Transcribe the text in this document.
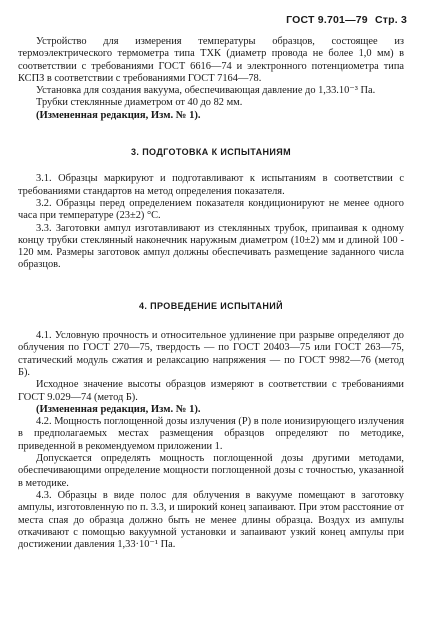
ГОСТ 9.701—79 Стр. 3

Устройство для измерения температуры образцов, состоящее из термоэлектрического термометра типа ТХК (диаметр провода не более 1,0 мм) в соответствии с требованиями ГОСТ 6616—74 и электронного потенциометра типа КСПЗ в соответствии с требованиями ГОСТ 7164—78.

Установка для создания вакуума, обеспечивающая давление до 1,33.10⁻³ Па.

Трубки стеклянные диаметром от 40 до 82 мм.

(Измененная редакция, Изм. № 1).

3. ПОДГОТОВКА К ИСПЫТАНИЯМ

3.1. Образцы маркируют и подготавливают к испытаниям в соответствии с требованиями стандартов на метод определения показателя.

3.2. Образцы перед определением показателя кондиционируют не менее одного часа при температуре (23±2) °С.

3.3. Заготовки ампул изготавливают из стеклянных трубок, припаивая к одному концу трубки стеклянный наконечник наружным диаметром (10±2) мм и длиной 100 - 120 мм. Размеры заготовок ампул должны обеспечивать размещение заданного числа образцов.

4. ПРОВЕДЕНИЕ ИСПЫТАНИЙ

4.1. Условную прочность и относительное удлинение при разрыве определяют до облучения по ГОСТ 270—75, твердость — по ГОСТ 20403—75 или ГОСТ 263—75, статический модуль сжатия и релаксацию напряжения — по ГОСТ 9982—76 (метод Б).

Исходное значение высоты образцов измеряют в соответствии с требованиями ГОСТ 9.029—74 (метод Б).

(Измененная редакция, Изм. № 1).

4.2. Мощность поглощенной дозы излучения (Р) в поле ионизирующего излучения в предполагаемых местах размещения образцов определяют по методике, приведенной в рекомендуемом приложении 1.

Допускается определять мощность поглощенной дозы другими методами, обеспечивающими определение мощности поглощенной дозы с точностью, указанной в методике.

4.3. Образцы в виде полос для облучения в вакууме помещают в заготовку ампулы, изготовленную по п. 3.3, и широкий конец запаивают. При этом расстояние от места спая до образца должно быть не менее длины образца. Воздух из ампулы откачивают с помощью вакуумной установки и запаивают узкий конец ампулы при достижении давления 1,33·10⁻¹ Па.
